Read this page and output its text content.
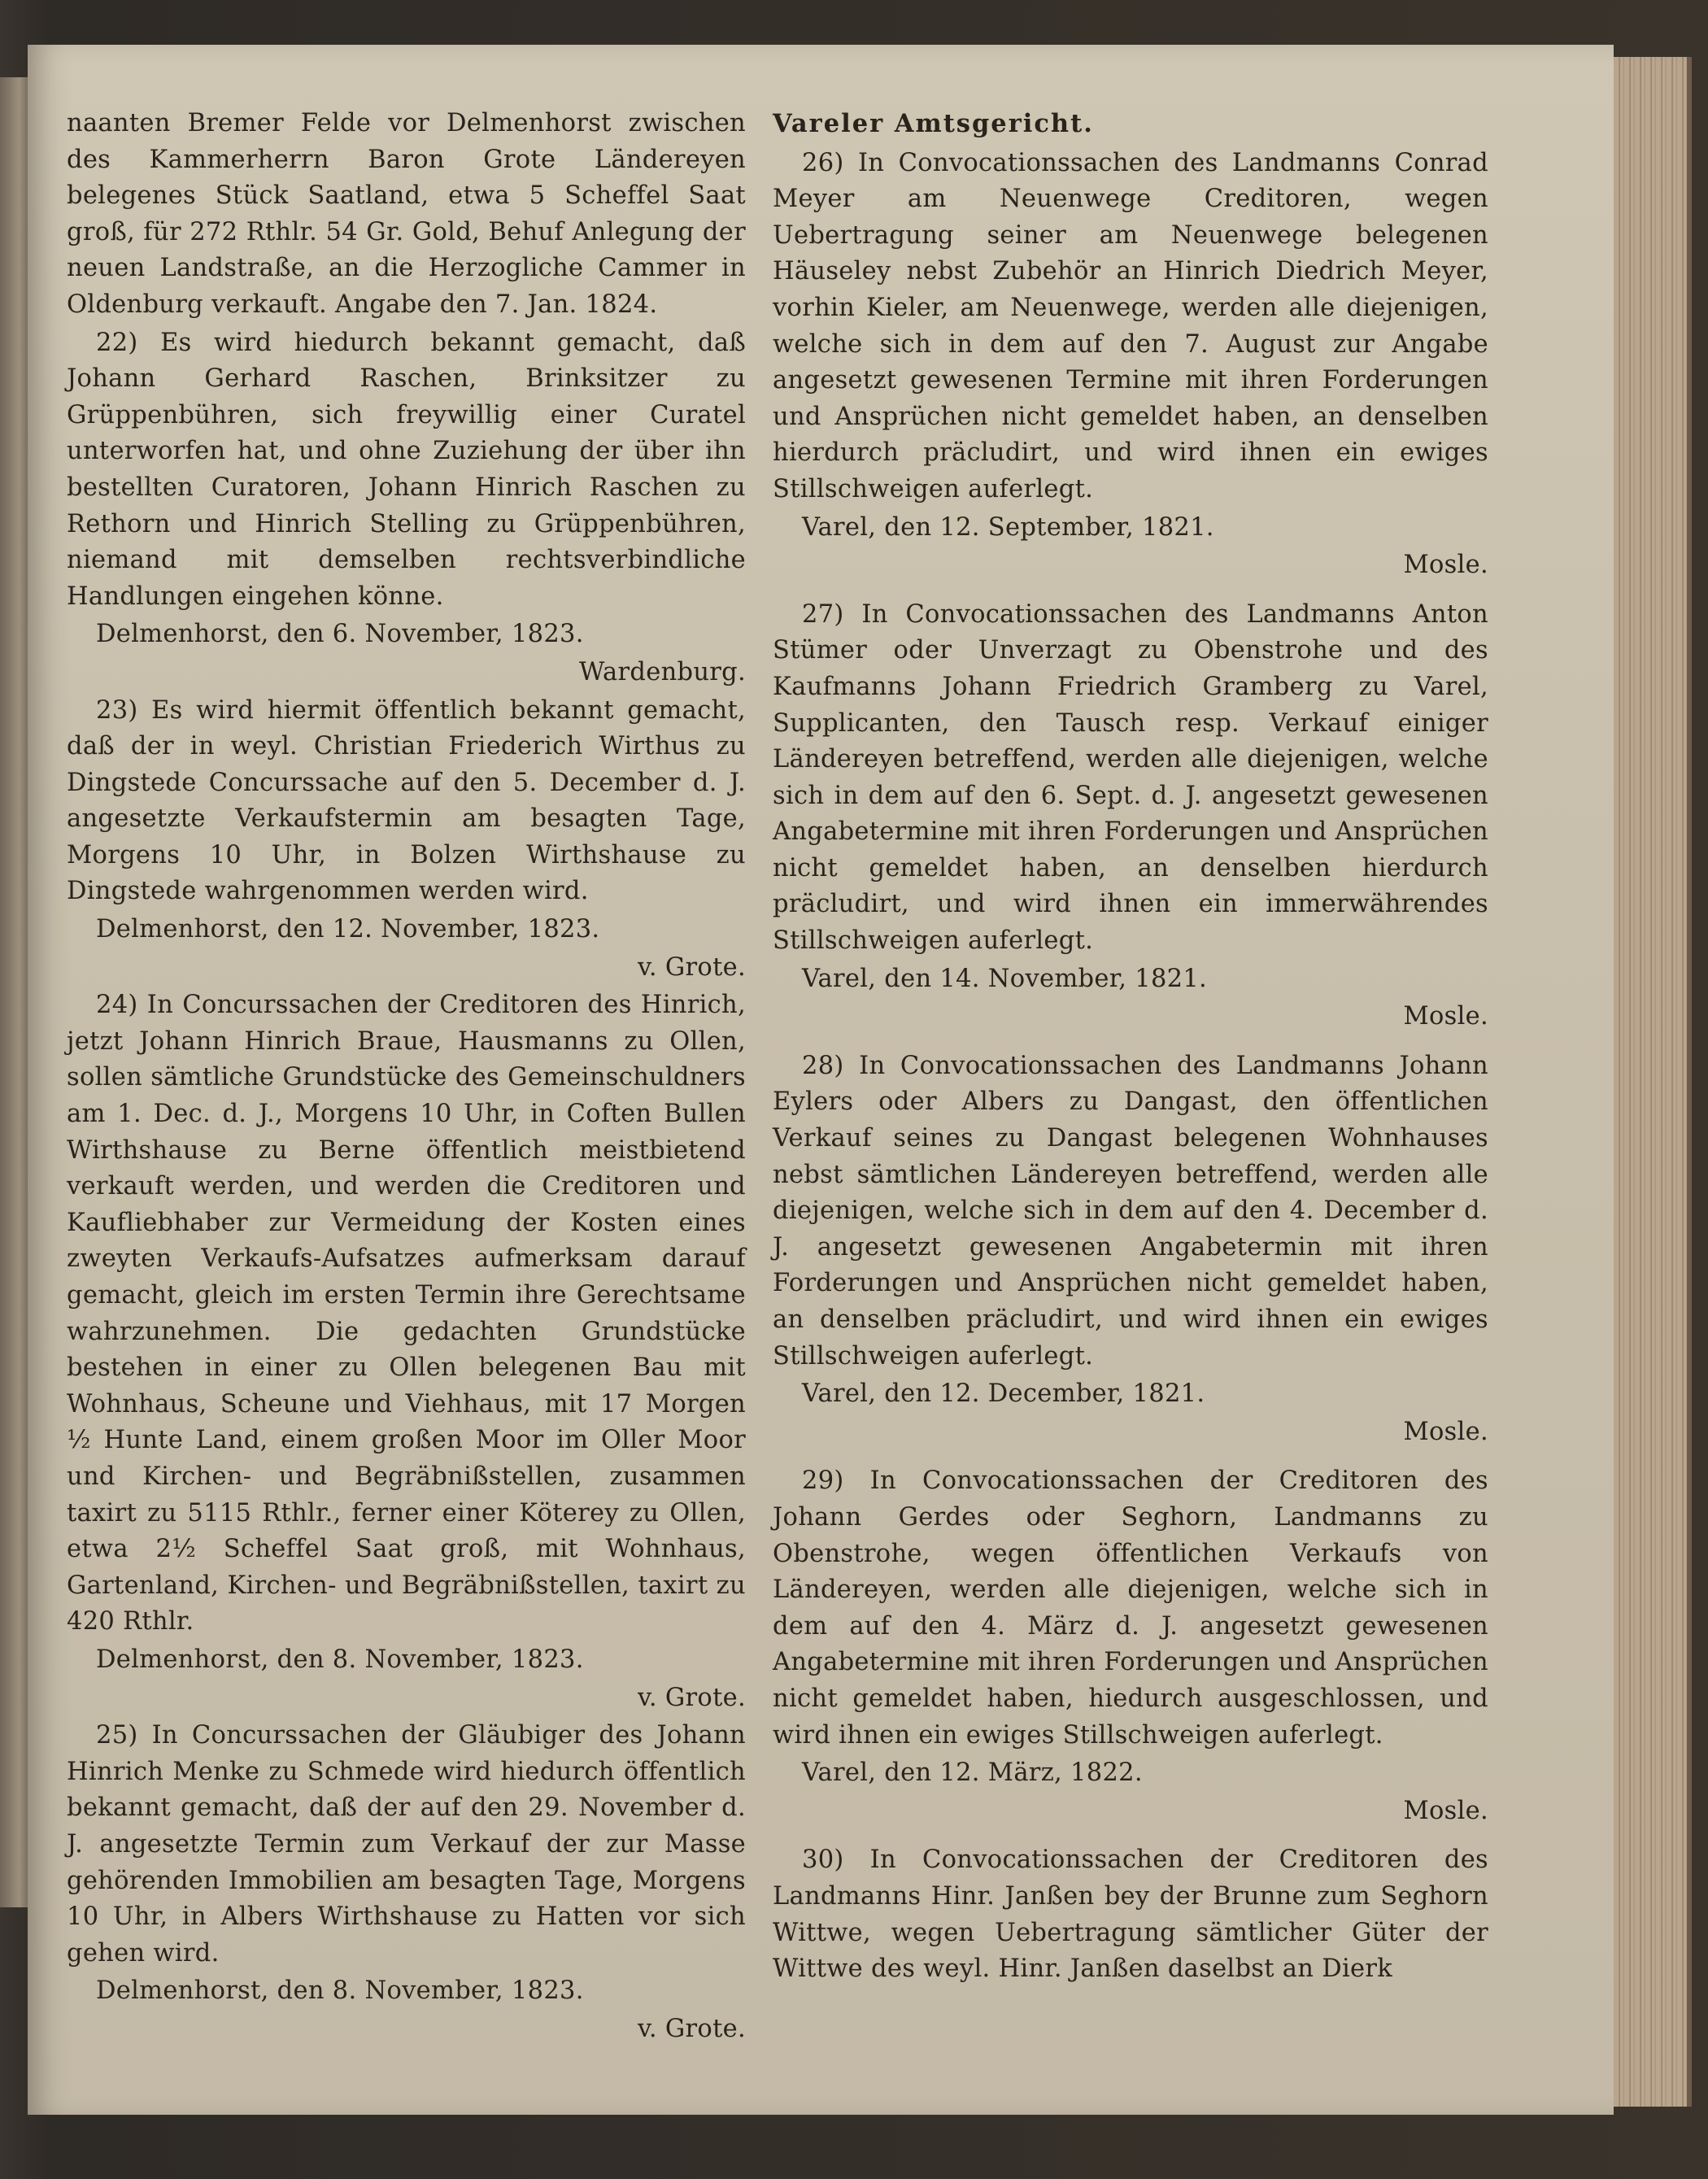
naanten Bremer Felde vor Delmenhorst zwischen des Kammerherrn Baron Grote Ländereyen belegenes Stück Saatland, etwa 5 Scheffel Saat groß, für 272 Rthlr. 54 Gr. Gold, Behuf Anlegung der neuen Landstraße, an die Herzogliche Cammer in Oldenburg verkauft. Angabe den 7. Jan. 1824.

22) Es wird hiedurch bekannt gemacht, daß Johann Gerhard Raschen, Brinksitzer zu Grüppenbühren, sich freywillig einer Curatel unterworfen hat, und ohne Zuziehung der über ihn bestellten Curatoren, Johann Hinrich Raschen zu Rethorn und Hinrich Stelling zu Grüppenbühren, niemand mit demselben rechtsverbindliche Handlungen eingehen könne.

Delmenhorst, den 6. November, 1823.

Wardenburg.

23) Es wird hiermit öffentlich bekannt gemacht, daß der in weyl. Christian Friederich Wirthus zu Dingstede Concurssache auf den 5. December d. J. angesetzte Verkaufstermin am besagten Tage, Morgens 10 Uhr, in Bolzen Wirthshause zu Dingstede wahrgenommen werden wird.

Delmenhorst, den 12. November, 1823.

v. Grote.

24) In Concurssachen der Creditoren des Hinrich, jetzt Johann Hinrich Braue, Hausmanns zu Ollen, sollen sämtliche Grundstücke des Gemeinschuldners am 1. Dec. d. J., Morgens 10 Uhr, in Coften Bullen Wirthshause zu Berne öffentlich meistbietend verkauft werden, und werden die Creditoren und Kaufliebhaber zur Vermeidung der Kosten eines zweyten Verkaufs-Aufsatzes aufmerksam darauf gemacht, gleich im ersten Termin ihre Gerechtsame wahrzunehmen. Die gedachten Grundstücke bestehen in einer zu Ollen belegenen Bau mit Wohnhaus, Scheune und Viehhaus, mit 17 Morgen ½ Hunte Land, einem großen Moor im Oller Moor und Kirchen- und Begräbnißstellen, zusammen taxirt zu 5115 Rthlr., ferner einer Köterey zu Ollen, etwa 2½ Scheffel Saat groß, mit Wohnhaus, Gartenland, Kirchen- und Begräbnißstellen, taxirt zu 420 Rthlr.

Delmenhorst, den 8. November, 1823.

v. Grote.

25) In Concurssachen der Gläubiger des Johann Hinrich Menke zu Schmede wird hiedurch öffentlich bekannt gemacht, daß der auf den 29. November d. J. angesetzte Termin zum Verkauf der zur Masse gehörenden Immobilien am besagten Tage, Morgens 10 Uhr, in Albers Wirthshause zu Hatten vor sich gehen wird.

Delmenhorst, den 8. November, 1823.

v. Grote.

Vareler Amtsgericht.

26) In Convocationssachen des Landmanns Conrad Meyer am Neuenwege Creditoren, wegen Uebertragung seiner am Neuenwege belegenen Häuseley nebst Zubehör an Hinrich Diedrich Meyer, vorhin Kieler, am Neuenwege, werden alle diejenigen, welche sich in dem auf den 7. August zur Angabe angesetzt gewesenen Termine mit ihren Forderungen und Ansprüchen nicht gemeldet haben, an denselben hierdurch präcludirt, und wird ihnen ein ewiges Stillschweigen auferlegt.

Varel, den 12. September, 1821.

Mosle.

27) In Convocationssachen des Landmanns Anton Stümer oder Unverzagt zu Obenstrohe und des Kaufmanns Johann Friedrich Gramberg zu Varel, Supplicanten, den Tausch resp. Verkauf einiger Ländereyen betreffend, werden alle diejenigen, welche sich in dem auf den 6. Sept. d. J. angesetzt gewesenen Angabetermine mit ihren Forderungen und Ansprüchen nicht gemeldet haben, an denselben hierdurch präcludirt, und wird ihnen ein immerwährendes Stillschweigen auferlegt.

Varel, den 14. November, 1821.

Mosle.

28) In Convocationssachen des Landmanns Johann Eylers oder Albers zu Dangast, den öffentlichen Verkauf seines zu Dangast belegenen Wohnhauses nebst sämtlichen Ländereyen betreffend, werden alle diejenigen, welche sich in dem auf den 4. December d. J. angesetzt gewesenen Angabetermin mit ihren Forderungen und Ansprüchen nicht gemeldet haben, an denselben präcludirt, und wird ihnen ein ewiges Stillschweigen auferlegt.

Varel, den 12. December, 1821.

Mosle.

29) In Convocationssachen der Creditoren des Johann Gerdes oder Seghorn, Landmanns zu Obenstrohe, wegen öffentlichen Verkaufs von Ländereyen, werden alle diejenigen, welche sich in dem auf den 4. März d. J. angesetzt gewesenen Angabetermine mit ihren Forderungen und Ansprüchen nicht gemeldet haben, hiedurch ausgeschlossen, und wird ihnen ein ewiges Stillschweigen auferlegt.

Varel, den 12. März, 1822.

Mosle.

30) In Convocationssachen der Creditoren des Landmanns Hinr. Janßen bey der Brunne zum Seghorn Wittwe, wegen Uebertragung sämtlicher Güter der Wittwe des weyl. Hinr. Janßen daselbst an Dierk
